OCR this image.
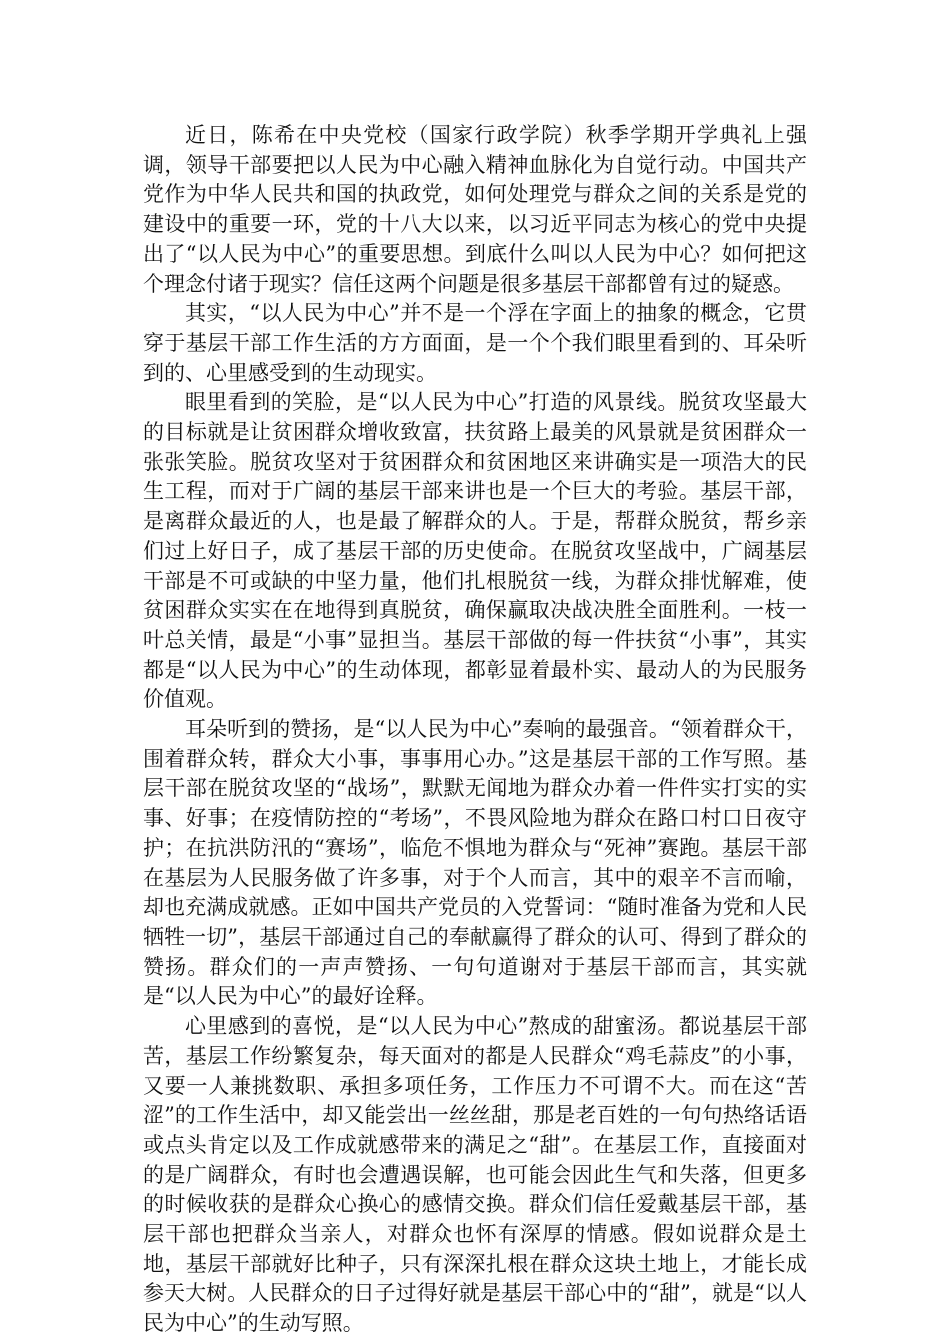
近日，陈希在中央党校（国家行政学院）秋季学期开学典礼上强调，领导干部要把以人民为中心融入精神血脉化为自觉行动。中国共产党作为中华人民共和国的执政党，如何处理党与群众之间的关系是党的建设中的重要一环，党的十八大以来，以习近平同志为核心的党中央提出了“以人民为中心”的重要思想。到底什么叫以人民为中心？如何把这个理念付诸于现实？信任这两个问题是很多基层干部都曾有过的疑惑。

其实，“以人民为中心”并不是一个浮在字面上的抽象的概念，它贯穿于基层干部工作生活的方方面面，是一个个我们眼里看到的、耳朵听到的、心里感受到的生动现实。

眼里看到的笑脸，是“以人民为中心”打造的风景线。脱贫攻坚最大的目标就是让贫困群众增收致富，扶贫路上最美的风景就是贫困群众一张张笑脸。脱贫攻坚对于贫困群众和贫困地区来讲确实是一项浩大的民生工程，而对于广阔的基层干部来讲也是一个巨大的考验。基层干部，是离群众最近的人，也是最了解群众的人。于是，帮群众脱贫，帮乡亲们过上好日子，成了基层干部的历史使命。在脱贫攻坚战中，广阔基层干部是不可或缺的中坚力量，他们扎根脱贫一线，为群众排忧解难，使贫困群众实实在在地得到真脱贫，确保赢取决战决胜全面胜利。一枝一叶总关情，最是“小事”显担当。基层干部做的每一件扶贫“小事”，其实都是“以人民为中心”的生动体现，都彰显着最朴实、最动人的为民服务价值观。

耳朵听到的赞扬，是“以人民为中心”奏响的最强音。“领着群众干，围着群众转，群众大小事，事事用心办。”这是基层干部的工作写照。基层干部在脱贫攻坚的“战场”，默默无闻地为群众办着一件件实打实的实事、好事；在疫情防控的“考场”，不畏风险地为群众在路口村口日夜守护；在抗洪防汛的“赛场”，临危不惧地为群众与“死神”赛跑。基层干部在基层为人民服务做了许多事，对于个人而言，其中的艰辛不言而喻，却也充满成就感。正如中国共产党员的入党誓词：“随时准备为党和人民牺牲一切”，基层干部通过自己的奉献赢得了群众的认可、得到了群众的赞扬。群众们的一声声赞扬、一句句道谢对于基层干部而言，其实就是“以人民为中心”的最好诠释。

心里感到的喜悦，是“以人民为中心”熬成的甜蜜汤。都说基层干部苦，基层工作纷繁复杂，每天面对的都是人民群众“鸡毛蒜皮”的小事，又要一人兼挑数职、承担多项任务，工作压力不可谓不大。而在这“苦涩”的工作生活中，却又能尝出一丝丝甜，那是老百姓的一句句热络话语或点头肯定以及工作成就感带来的满足之“甜”。在基层工作，直接面对的是广阔群众，有时也会遭遇误解，也可能会因此生气和失落，但更多的时候收获的是群众心换心的感情交换。群众们信任爱戴基层干部，基层干部也把群众当亲人，对群众也怀有深厚的情感。假如说群众是土地，基层干部就好比种子，只有深深扎根在群众这块土地上，才能长成参天大树。人民群众的日子过得好就是基层干部心中的“甜”，就是“以人民为中心”的生动写照。
